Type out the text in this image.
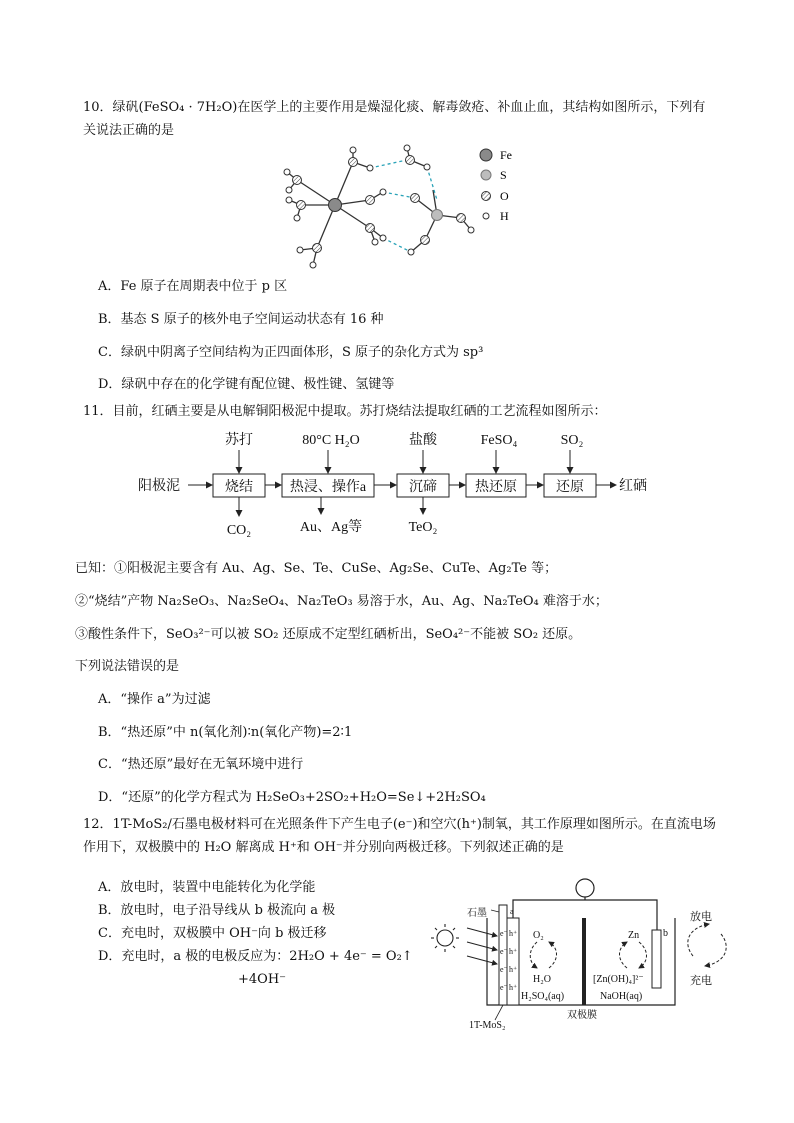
10．绿矾(FeSO₄ · 7H₂O)在医学上的主要作用是燥湿化痰、解毒敛疮、补血止血，其结构如图所示，下列有
关说法正确的是
Fe
S
O
H
A．Fe 原子在周期表中位于 p 区
B．基态 S 原子的核外电子空间运动状态有 16 种
C．绿矾中阴离子空间结构为正四面体形，S 原子的杂化方式为 sp³
D．绿矾中存在的化学键有配位键、极性键、氢键等
11．目前，红硒主要是从电解铜阳极泥中提取。苏打烧结法提取红硒的工艺流程如图所示：
阳极泥	红硒
烧结	热浸、操作a	沉碲	热还原	还原
苏打	80°C H₂O	盐酸	FeSO₄	SO₂
CO₂	Au、Ag等	TeO₂
已知：①阳极泥主要含有 Au、Ag、Se、Te、CuSe、Ag₂Se、CuTe、Ag₂Te 等；
②“烧结”产物 Na₂SeO₃、Na₂SeO₄、Na₂TeO₃ 易溶于水，Au、Ag、Na₂TeO₄ 难溶于水；
③酸性条件下，SeO₃²⁻可以被 SO₂ 还原成不定型红硒析出，SeO₄²⁻不能被 SO₂ 还原。
下列说法错误的是
A．“操作 a”为过滤
B．“热还原”中 n(氧化剂)∶n(氧化产物)=2∶1
C．“热还原”最好在无氧环境中进行
D．“还原”的化学方程式为 H₂SeO₃+2SO₂+H₂O=Se↓+2H₂SO₄
12．1T-MoS₂/石墨电极材料可在光照条件下产生电子(e⁻)和空穴(h⁺)制氧，其工作原理如图所示。在直流电场
作用下，双极膜中的 H₂O 解离成 H⁺和 OH⁻并分别向两极迁移。下列叙述正确的是
A．放电时，装置中电能转化为化学能
B．放电时，电子沿导线从 b 极流向 a 极
C．充电时，双极膜中 OH⁻向 b 极迁移
D．充电时，a 极的电极反应为：2H₂O + 4e⁻ = O₂↑
+4OH⁻
e⁻
e⁻
e⁻
e⁻
h⁺
h⁺
h⁺
h⁺
a
O₂
H₂O
Zn
[Zn(OH)₄]²⁻
b
H₂SO₄(aq)	NaOH(aq)
石墨
双极膜
1T-MoS₂
放电
充电
